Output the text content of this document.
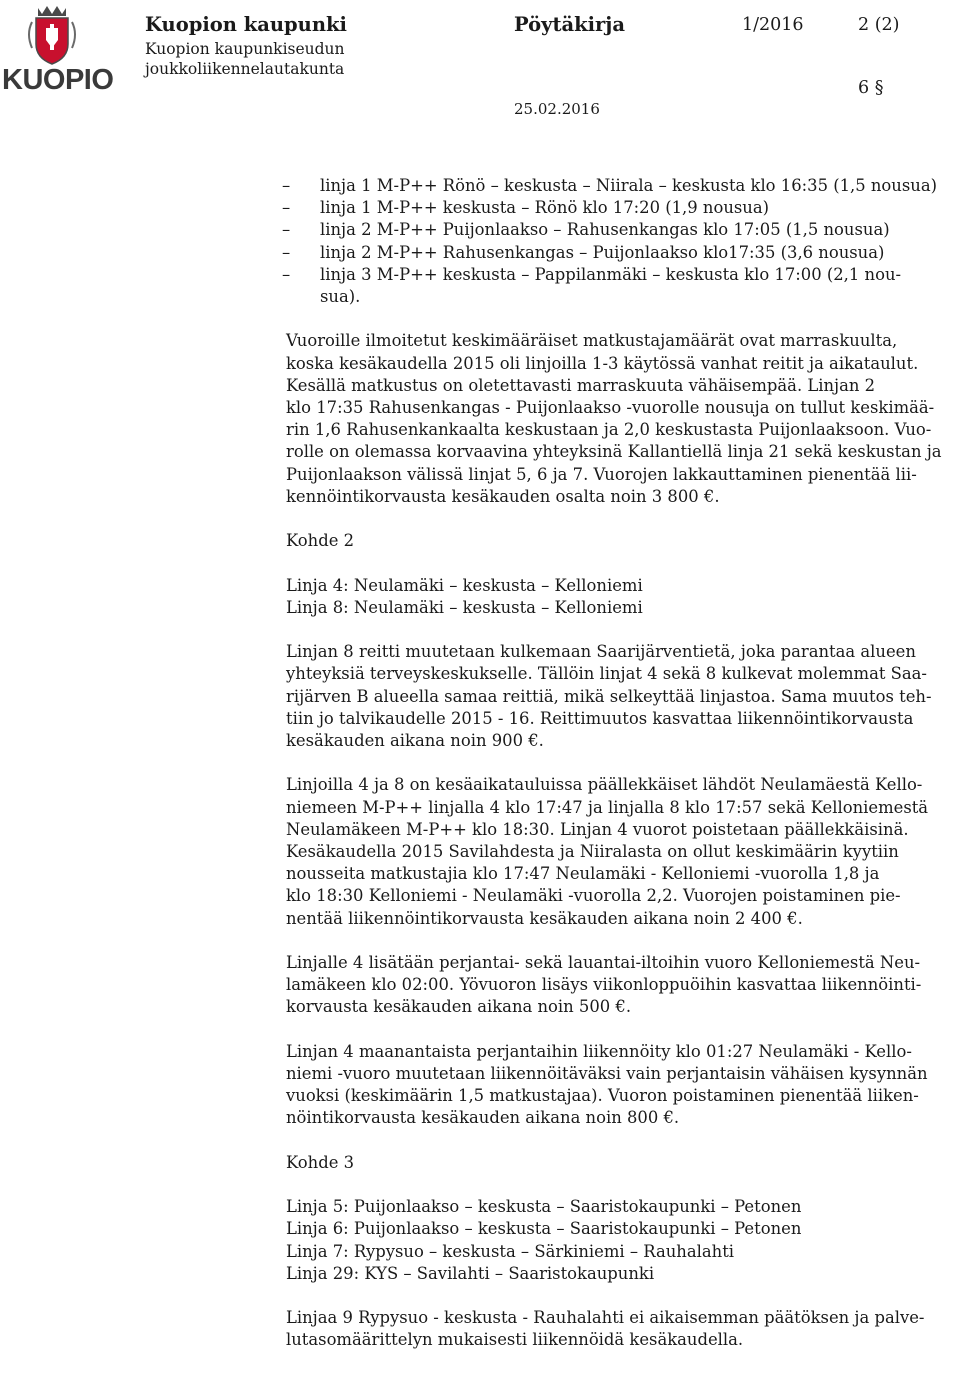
KUOPIO
Kuopion kaupunki
Kuopion kaupunkiseudun
joukkoliikennelautakunta
Pöytäkirja	1/2016	2 (2)
6 §
25.02.2016
– linja 1 M-P++ Rönö – keskusta – Niirala – keskusta klo 16:35 (1,5 nousua)
– linja 1 M-P++ keskusta – Rönö klo 17:20 (1,9 nousua)
– linja 2 M-P++ Puijonlaakso – Rahusenkangas klo 17:05 (1,5 nousua)
– linja 2 M-P++ Rahusenkangas – Puijonlaakso klo17:35 (3,6 nousua)
– linja 3 M-P++ keskusta – Pappilanmäki – keskusta klo 17:00 (2,1 nou-
sua).

Vuoroille ilmoitetut keskimääräiset matkustajamäärät ovat marraskuulta,
koska kesäkaudella 2015 oli linjoilla 1-3 käytössä vanhat reitit ja aikataulut.
Kesällä matkustus on oletettavasti marraskuuta vähäisempää. Linjan 2
klo 17:35 Rahusenkangas - Puijonlaakso -vuorolle nousuja on tullut keskimää-
rin 1,6 Rahusenkankaalta keskustaan ja 2,0 keskustasta Puijonlaaksoon. Vuo-
rolle on olemassa korvaavina yhteyksinä Kallantiellä linja 21 sekä keskustan ja
Puijonlaakson välissä linjat 5, 6 ja 7. Vuorojen lakkauttaminen pienentää lii-
kennöintikorvausta kesäkauden osalta noin 3 800 €.

Kohde 2

Linja 4: Neulamäki – keskusta – Kelloniemi
Linja 8: Neulamäki – keskusta – Kelloniemi

Linjan 8 reitti muutetaan kulkemaan Saarijärventietä, joka parantaa alueen
yhteyksiä terveyskeskukselle. Tällöin linjat 4 sekä 8 kulkevat molemmat Saa-
rijärven B alueella samaa reittiä, mikä selkeyttää linjastoa. Sama muutos teh-
tiin jo talvikaudelle 2015 - 16. Reittimuutos kasvattaa liikennöintikorvausta
kesäkauden aikana noin 900 €.

Linjoilla 4 ja 8 on kesäaikatauluissa päällekkäiset lähdöt Neulamäestä Kello-
niemeen M-P++ linjalla 4 klo 17:47 ja linjalla 8 klo 17:57 sekä Kelloniemestä
Neulamäkeen M-P++ klo 18:30. Linjan 4 vuorot poistetaan päällekkäisinä.
Kesäkaudella 2015 Savilahdesta ja Niiralasta on ollut keskimäärin kyytiin
nousseita matkustajia klo 17:47 Neulamäki - Kelloniemi -vuorolla 1,8 ja
klo 18:30 Kelloniemi - Neulamäki -vuorolla 2,2. Vuorojen poistaminen pie-
nentää liikennöintikorvausta kesäkauden aikana noin 2 400 €.

Linjalle 4 lisätään perjantai- sekä lauantai-iltoihin vuoro Kelloniemestä Neu-
lamäkeen klo 02:00. Yövuoron lisäys viikonloppuöihin kasvattaa liikennöinti-
korvausta kesäkauden aikana noin 500 €.

Linjan 4 maanantaista perjantaihin liikennöity klo 01:27 Neulamäki - Kello-
niemi -vuoro muutetaan liikennöitäväksi vain perjantaisin vähäisen kysynnän
vuoksi (keskimäärin 1,5 matkustajaa). Vuoron poistaminen pienentää liiken-
nöintikorvausta kesäkauden aikana noin 800 €.

Kohde 3

Linja 5: Puijonlaakso – keskusta – Saaristokaupunki – Petonen
Linja 6: Puijonlaakso – keskusta – Saaristokaupunki – Petonen
Linja 7: Rypysuo – keskusta – Särkiniemi – Rauhalahti
Linja 29: KYS – Savilahti – Saaristokaupunki

Linjaa 9 Rypysuo - keskusta - Rauhalahti ei aikaisemman päätöksen ja palve-
lutasomäärittelyn mukaisesti liikennöidä kesäkaudella.
